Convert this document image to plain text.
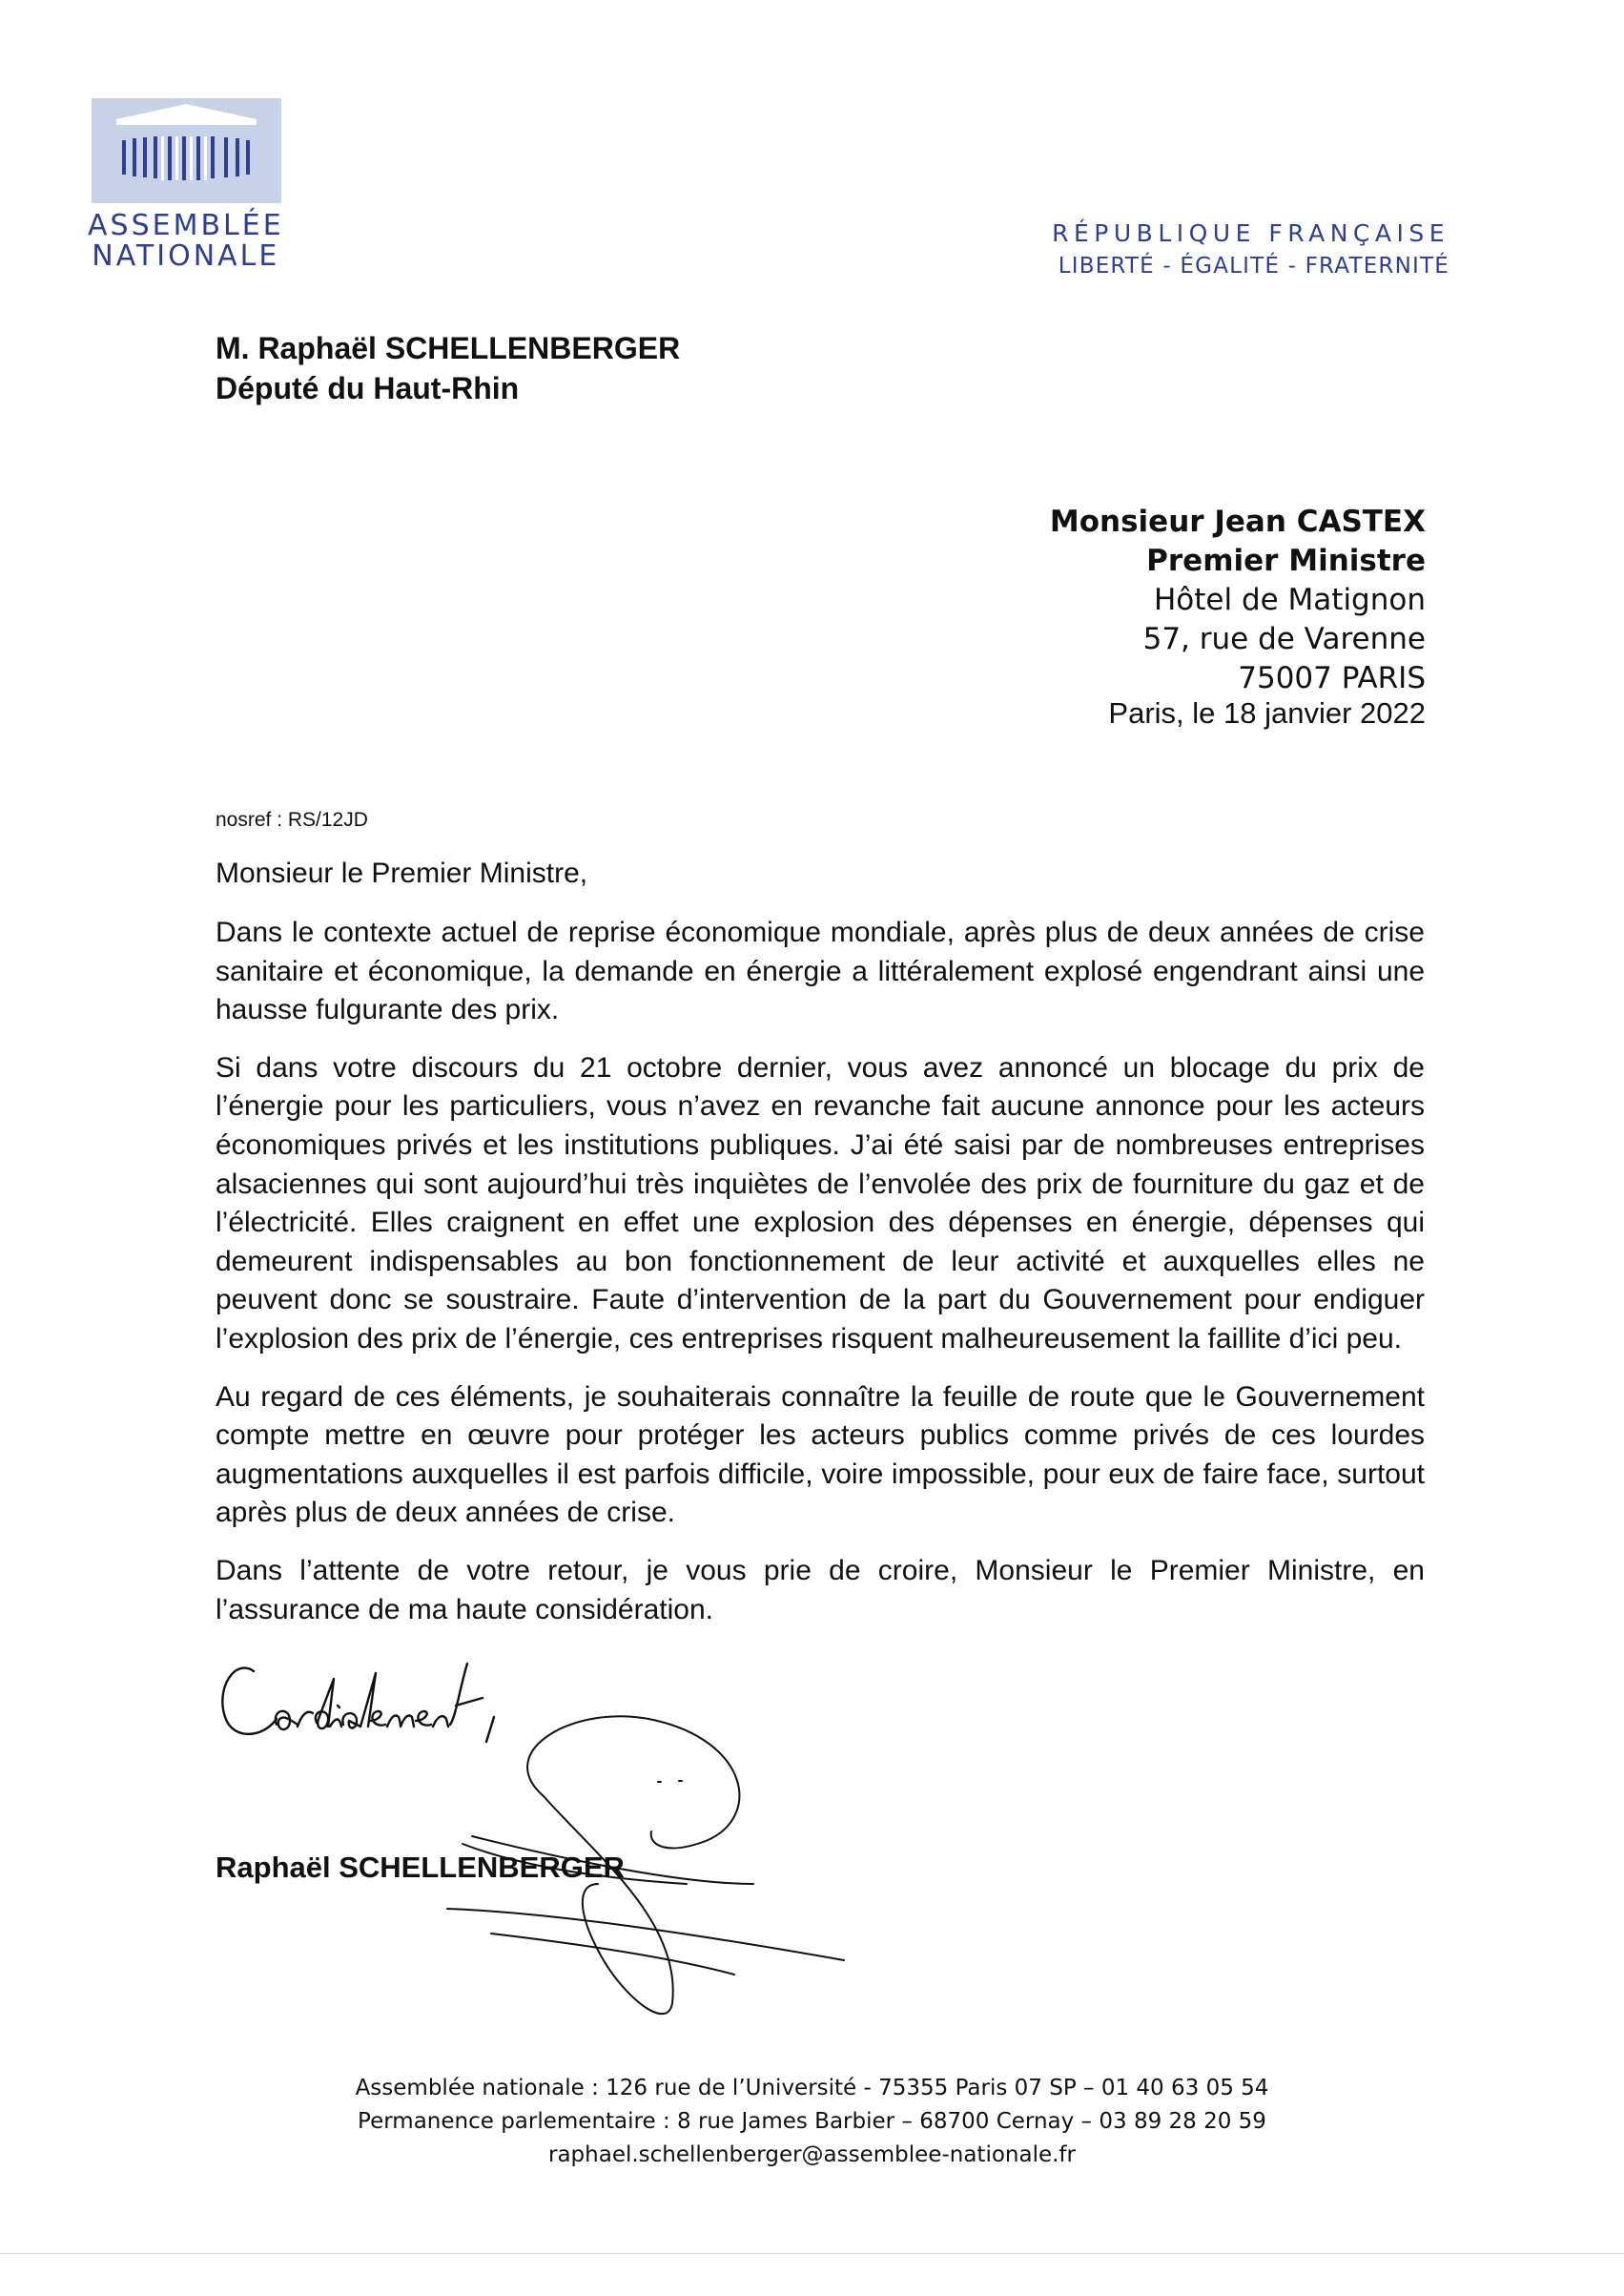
ASSEMBLÉE
NATIONALE
RÉPUBLIQUE FRANÇAISE
LIBERTÉ - ÉGALITÉ - FRATERNITÉ
M. Raphaël SCHELLENBERGER
Député du Haut-Rhin
Monsieur Jean CASTEX
Premier Ministre
Hôtel de Matignon
57, rue de Varenne
75007 PARIS
Paris, le 18 janvier 2022
nosref : RS/12JD
Monsieur le Premier Ministre,

Dans le contexte actuel de reprise économique mondiale, après plus de deux années de crise sanitaire et économique, la demande en énergie a littéralement explosé engendrant ainsi une hausse fulgurante des prix.

Si dans votre discours du 21 octobre dernier, vous avez annoncé un blocage du prix de l’énergie pour les particuliers, vous n’avez en revanche fait aucune annonce pour les acteurs économiques privés et les institutions publiques. J’ai été saisi par de nombreuses entreprises alsaciennes qui sont aujourd’hui très inquiètes de l’envolée des prix de fourniture du gaz et de l’électricité. Elles craignent en effet une explosion des dépenses en énergie, dépenses qui demeurent indispensables au bon fonctionnement de leur activité et auxquelles elles ne peuvent donc se soustraire. Faute d’intervention de la part du Gouvernement pour endiguer l’explosion des prix de l’énergie, ces entreprises risquent malheureusement la faillite d’ici peu.

Au regard de ces éléments, je souhaiterais connaître la feuille de route que le Gouvernement compte mettre en œuvre pour protéger les acteurs publics comme privés de ces lourdes augmentations auxquelles il est parfois difficile, voire impossible, pour eux de faire face, surtout après plus de deux années de crise.

Dans l’attente de votre retour, je vous prie de croire, Monsieur le Premier Ministre, en l’assurance de ma haute considération.

Raphaël SCHELLENBERGER
Assemblée nationale : 126 rue de l’Université - 75355 Paris 07 SP – 01 40 63 05 54
Permanence parlementaire : 8 rue James Barbier – 68700 Cernay – 03 89 28 20 59
raphael.schellenberger@assemblee-nationale.fr
